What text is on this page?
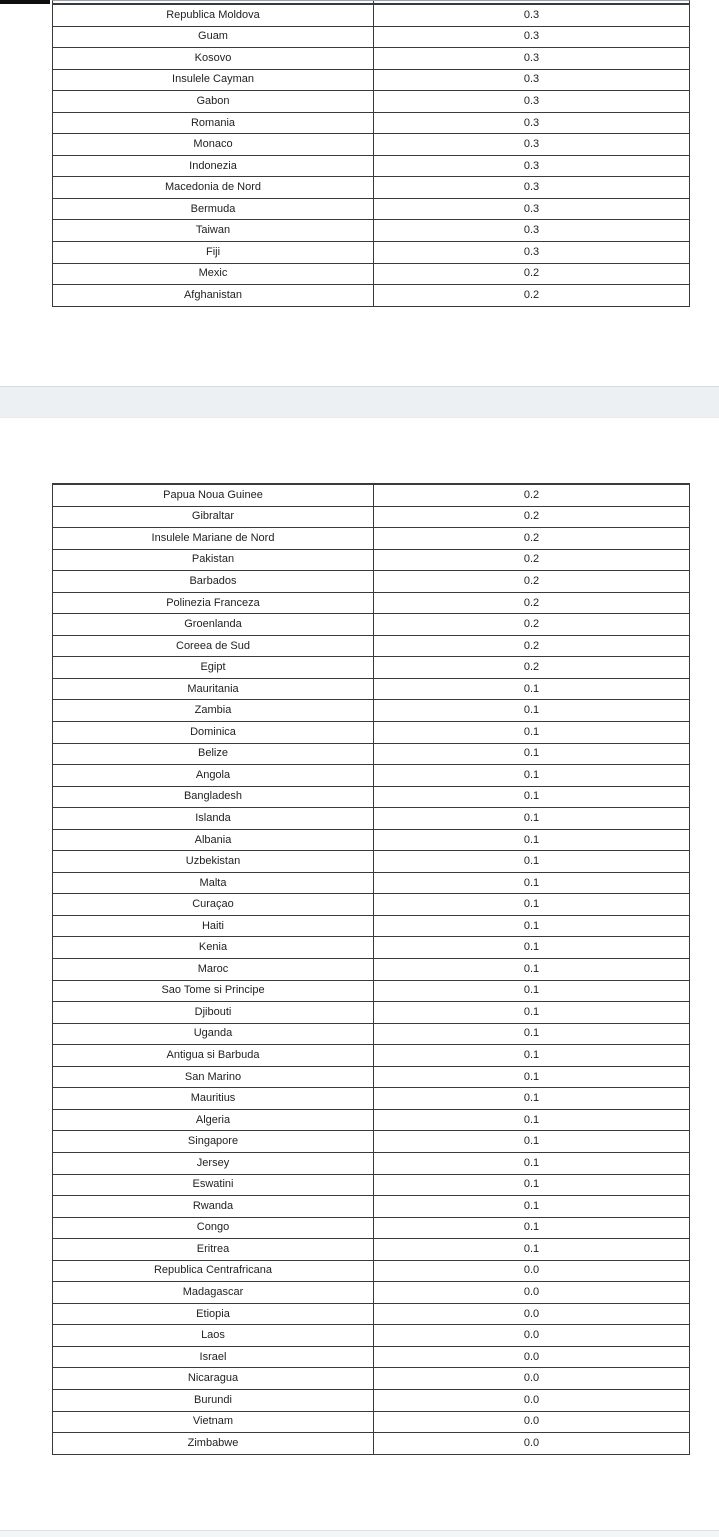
Republica Moldova	0.3
Guam	0.3
Kosovo	0.3
Insulele Cayman	0.3
Gabon	0.3
Romania	0.3
Monaco	0.3
Indonezia	0.3
Macedonia de Nord	0.3
Bermuda	0.3
Taiwan	0.3
Fiji	0.3
Mexic	0.2
Afghanistan	0.2
Papua Noua Guinee	0.2
Gibraltar	0.2
Insulele Mariane de Nord	0.2
Pakistan	0.2
Barbados	0.2
Polinezia Franceza	0.2
Groenlanda	0.2
Coreea de Sud	0.2
Egipt	0.2
Mauritania	0.1
Zambia	0.1
Dominica	0.1
Belize	0.1
Angola	0.1
Bangladesh	0.1
Islanda	0.1
Albania	0.1
Uzbekistan	0.1
Malta	0.1
Curaçao	0.1
Haiti	0.1
Kenia	0.1
Maroc	0.1
Sao Tome si Principe	0.1
Djibouti	0.1
Uganda	0.1
Antigua si Barbuda	0.1
San Marino	0.1
Mauritius	0.1
Algeria	0.1
Singapore	0.1
Jersey	0.1
Eswatini	0.1
Rwanda	0.1
Congo	0.1
Eritrea	0.1
Republica Centrafricana	0.0
Madagascar	0.0
Etiopia	0.0
Laos	0.0
Israel	0.0
Nicaragua	0.0
Burundi	0.0
Vietnam	0.0
Zimbabwe	0.0
